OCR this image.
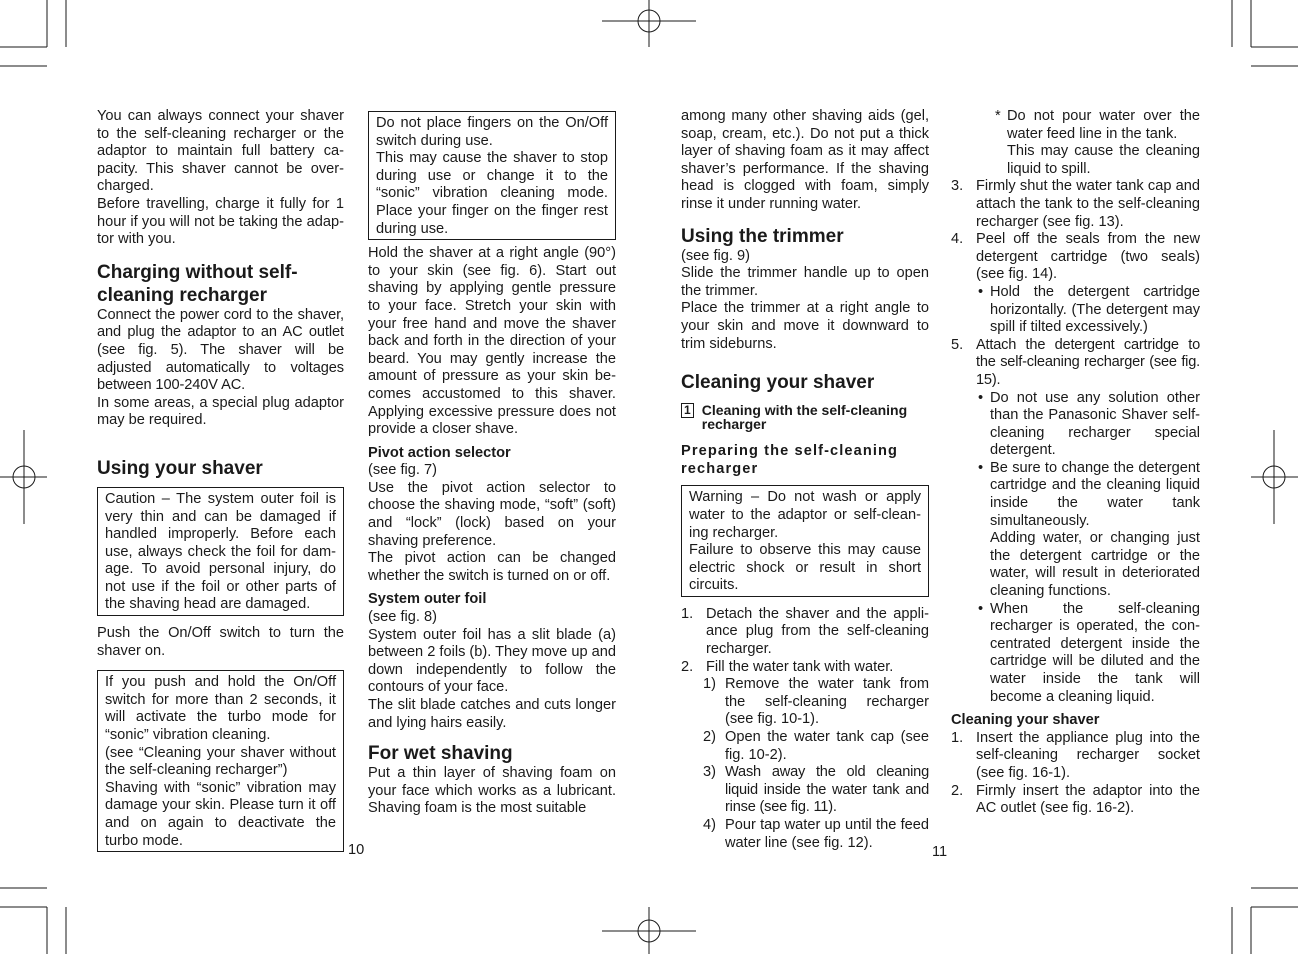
You can always connect your shaver to the self-cleaning recharger or the adaptor to maintain full battery capacity. This shaver cannot be overcharged.

Before travelling, charge it fully for 1 hour if you will not be taking the adaptor with you.

Charging without self-cleaning recharger

Connect the power cord to the shaver, and plug the adaptor to an AC outlet (see fig. 5). The shaver will be adjusted automatically to voltages between 100-240V AC.

In some areas, a special plug adaptor may be required.

Using your shaver

Caution – The system outer foil is very thin and can be damaged if handled improperly. Before each use, always check the foil for damage. To avoid personal injury, do not use if the foil or other parts of the shaving head are damaged.

Push the On/Off switch to turn the shaver on.

If you push and hold the On/Off switch for more than 2 seconds, it will activate the turbo mode for “sonic” vibration cleaning.

(see “Cleaning your shaver without the self-cleaning recharger”)

Shaving with “sonic” vibration may damage your skin. Please turn it off and on again to deactivate the turbo mode.

10

Do not place fingers on the On/Off switch during use.

This may cause the shaver to stop during use or change it to the “sonic” vibration cleaning mode. Place your finger on the finger rest during use.

Hold the shaver at a right angle (90°) to your skin (see fig. 6). Start out shaving by applying gentle pressure to your face. Stretch your skin with your free hand and move the shaver back and forth in the direction of your beard. You may gently increase the amount of pressure as your skin becomes accustomed to this shaver. Applying excessive pressure does not provide a closer shave.

Pivot action selector

(see fig. 7)

Use the pivot action selector to choose the shaving mode, “soft” (soft) and “lock” (lock) based on your shaving preference.

The pivot action can be changed whether the switch is turned on or off.

System outer foil

(see fig. 8)

System outer foil has a slit blade (a) between 2 foils (b). They move up and down independently to follow the contours of your face.

The slit blade catches and cuts longer and lying hairs easily.

For wet shaving

Put a thin layer of shaving foam on your face which works as a lubricant. Shaving foam is the most suitable

among many other shaving aids (gel, soap, cream, etc.). Do not put a thick layer of shaving foam as it may affect shaver’s performance. If the shaving head is clogged with foam, simply rinse it under running water.

Using the trimmer

(see fig. 9)

Slide the trimmer handle up to open the trimmer.

Place the trimmer at a right angle to your skin and move it downward to trim sideburns.

Cleaning your shaver
1 Cleaning with the self-cleaning recharger
Preparing the self-cleaning recharger

Warning – Do not wash or apply water to the adaptor or self-cleaning recharger.

Failure to observe this may cause electric shock or result in short circuits.

1. Detach the shaver and the appliance plug from the self-cleaning recharger.
2. Fill the water tank with water.
1) Remove the water tank from the self-cleaning recharger (see fig. 10-1).
2) Open the water tank cap (see fig. 10-2).
3) Wash away the old cleaning liquid inside the water tank and rinse (see fig. 11).
4) Pour tap water up until the feed water line (see fig. 12).
11
* Do not pour water over the water feed line in the tank.

This may cause the cleaning liquid to spill.

3. Firmly shut the water tank cap and attach the tank to the self-cleaning recharger (see fig. 13).
4. Peel off the seals from the new detergent cartridge (two seals) (see fig. 14).
• Hold the detergent cartridge horizontally. (The detergent may spill if tilted excessively.)
5. Attach the detergent cartridge to the self-cleaning recharger (see fig. 15).
• Do not use any solution other than the Panasonic Shaver self-cleaning recharger special detergent.
• Be sure to change the detergent cartridge and the cleaning liquid inside the water tank simultaneously.
Adding water, or changing just the detergent cartridge or the water, will result in deteriorated cleaning functions.
• When the self-cleaning recharger is operated, the concentrated detergent inside the cartridge will be diluted and the water inside the tank will become a cleaning liquid.
Cleaning your shaver
1. Insert the appliance plug into the self-cleaning recharger socket (see fig. 16-1).
2. Firmly insert the adaptor into the AC outlet (see fig. 16-2).
